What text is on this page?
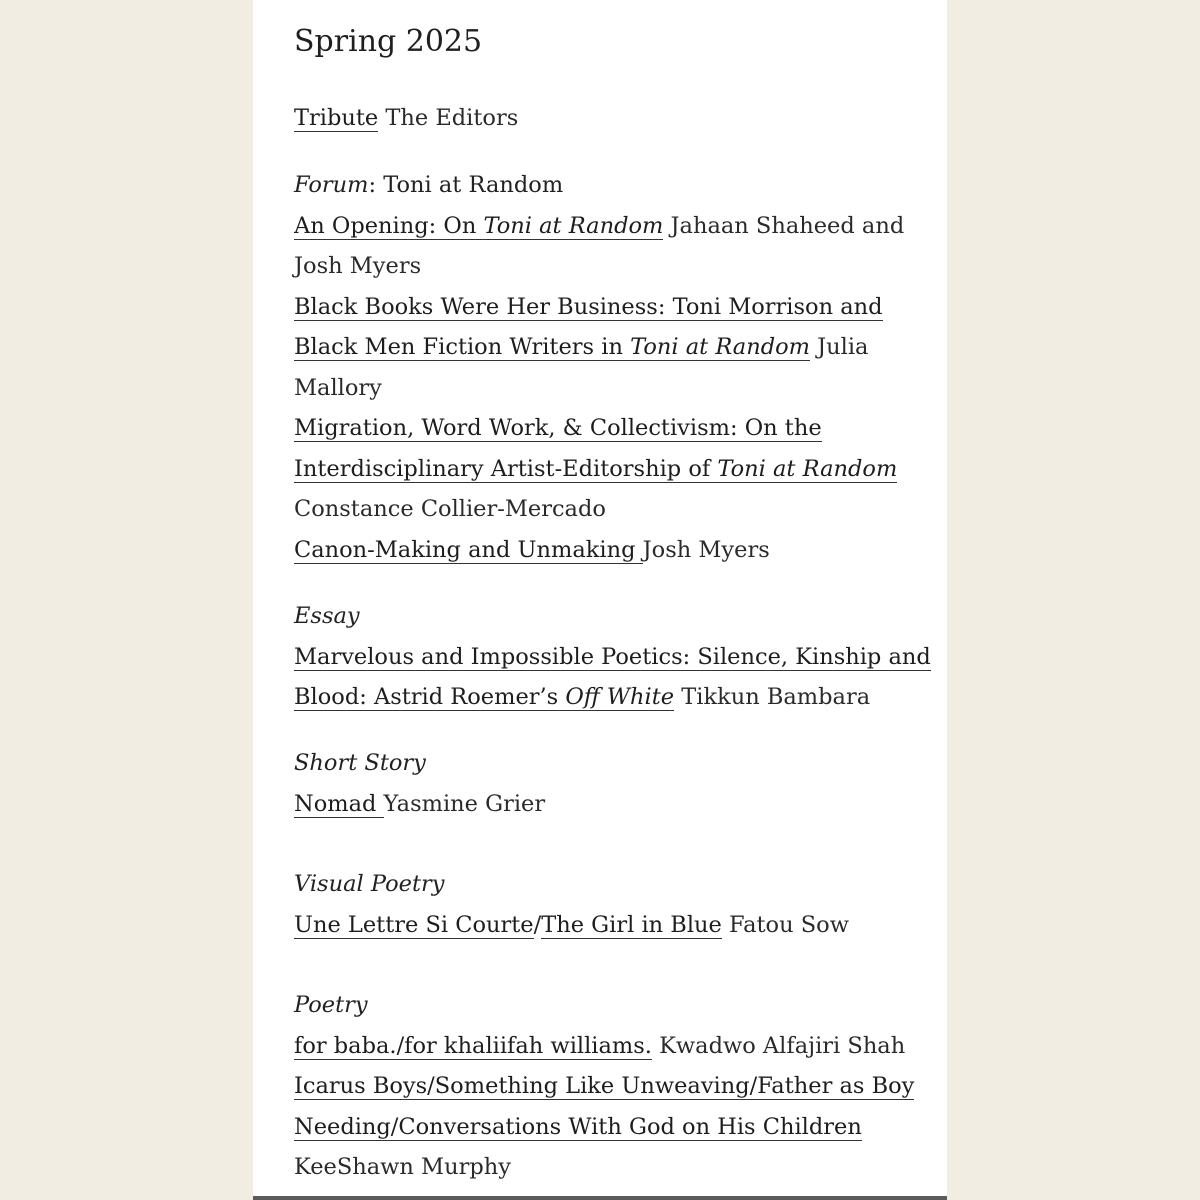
Spring 2025
Tribute The Editors
Forum: Toni at Random
An Opening: On Toni at Random Jahaan Shaheed and Josh Myers
Black Books Were Her Business: Toni Morrison and Black Men Fiction Writers in Toni at Random Julia Mallory
Migration, Word Work, & Collectivism: On the Interdisciplinary Artist-Editorship of Toni at Random Constance Collier-Mercado
Canon-Making and Unmaking Josh Myers
Essay
Marvelous and Impossible Poetics: Silence, Kinship and Blood: Astrid Roemer’s Off White Tikkun Bambara
Short Story
Nomad Yasmine Grier
Visual Poetry
Une Lettre Si Courte/The Girl in Blue Fatou Sow
Poetry
for baba./for khaliifah williams. Kwadwo Alfajiri Shah
Icarus Boys/Something Like Unweaving/Father as Boy Needing/Conversations With God on His Children KeeShawn Murphy
